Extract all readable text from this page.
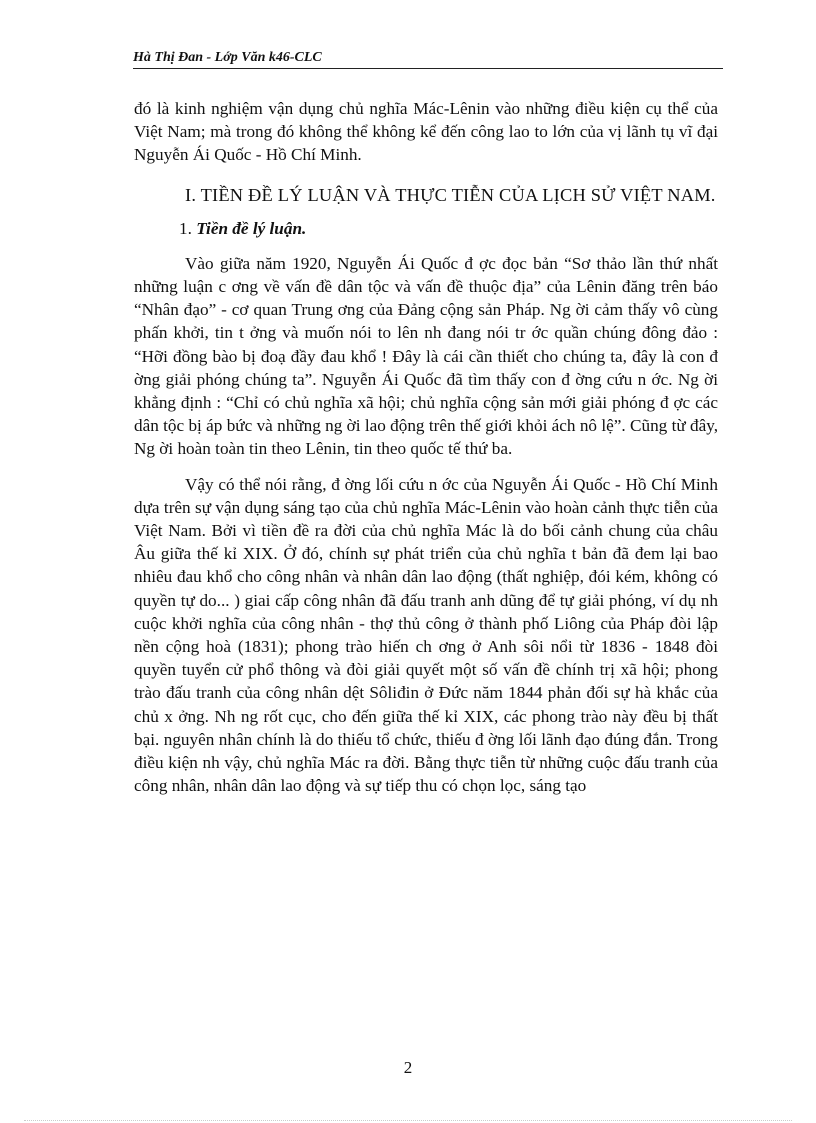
Hà Thị Đan - Lớp Văn k46-CLC

đó là kinh nghiệm vận dụng chủ nghĩa Mác-Lênin vào những điều kiện cụ thể của Việt Nam; mà trong đó không thể không kể đến công lao to lớn của vị lãnh tụ vĩ đại Nguyễn Ái Quốc - Hồ Chí Minh.

I. TIỀN ĐỀ LÝ LUẬN VÀ THỰC TIỄN CỦA LỊCH SỬ VIỆT NAM.

1. Tiền đề lý luận.

Vào giữa năm 1920, Nguyễn Ái Quốc đ ợc đọc bản “Sơ thảo lần thứ nhất những luận c ơng về vấn đề dân tộc và vấn đề thuộc địa” của Lênin đăng trên báo “Nhân đạo” - cơ quan Trung ơng của Đảng cộng sản Pháp. Ng ời cảm thấy vô cùng phấn khởi, tin t ởng và muốn nói to lên nh đang nói tr ớc quần chúng đông đảo : “Hỡi đồng bào bị đoạ đầy đau khổ ! Đây là cái cần thiết cho chúng ta, đây là con đ ờng giải phóng chúng ta”. Nguyễn Ái Quốc đã tìm thấy con đ ờng cứu n ớc. Ng ời khẳng định : “Chỉ có chủ nghĩa xã hội; chủ nghĩa cộng sản mới giải phóng đ ợc các dân tộc bị áp bức và những ng ời lao động trên thế giới khỏi ách nô lệ”. Cũng từ đây, Ng ời hoàn toàn tin theo Lênin, tin theo quốc tế thứ ba.

Vậy có thể nói rằng, đ ờng lối cứu n ớc của Nguyễn Ái Quốc - Hồ Chí Minh dựa trên sự vận dụng sáng tạo của chủ nghĩa Mác-Lênin vào hoàn cảnh thực tiễn của Việt Nam. Bởi vì tiền đề ra đời của chủ nghĩa Mác là do bối cảnh chung của châu Âu giữa thế kỉ XIX. Ở đó, chính sự phát triển của chủ nghĩa t bản đã đem lại bao nhiêu đau khổ cho công nhân và nhân dân lao động (thất nghiệp, đói kém, không có quyền tự do... ) giai cấp công nhân đã đấu tranh anh dũng để tự giải phóng, ví dụ nh cuộc khởi nghĩa của công nhân - thợ thủ công ở thành phố Liông của Pháp đòi lập nền cộng hoà (1831); phong trào hiến ch ơng ở Anh sôi nổi từ 1836 - 1848 đòi quyền tuyển cử phổ thông và đòi giải quyết một số vấn đề chính trị xã hội; phong trào đấu tranh của công nhân dệt Sôliđin ở Đức năm 1844 phản đối sự hà khắc của chủ x ởng. Nh ng rốt cục, cho đến giữa thế kỉ XIX, các phong trào này đều bị thất bại. nguyên nhân chính là do thiếu tổ chức, thiếu đ ờng lối lãnh đạo đúng đắn. Trong điều kiện nh vậy, chủ nghĩa Mác ra đời. Bằng thực tiễn từ những cuộc đấu tranh của công nhân, nhân dân lao động và sự tiếp thu có chọn lọc, sáng tạo

2
